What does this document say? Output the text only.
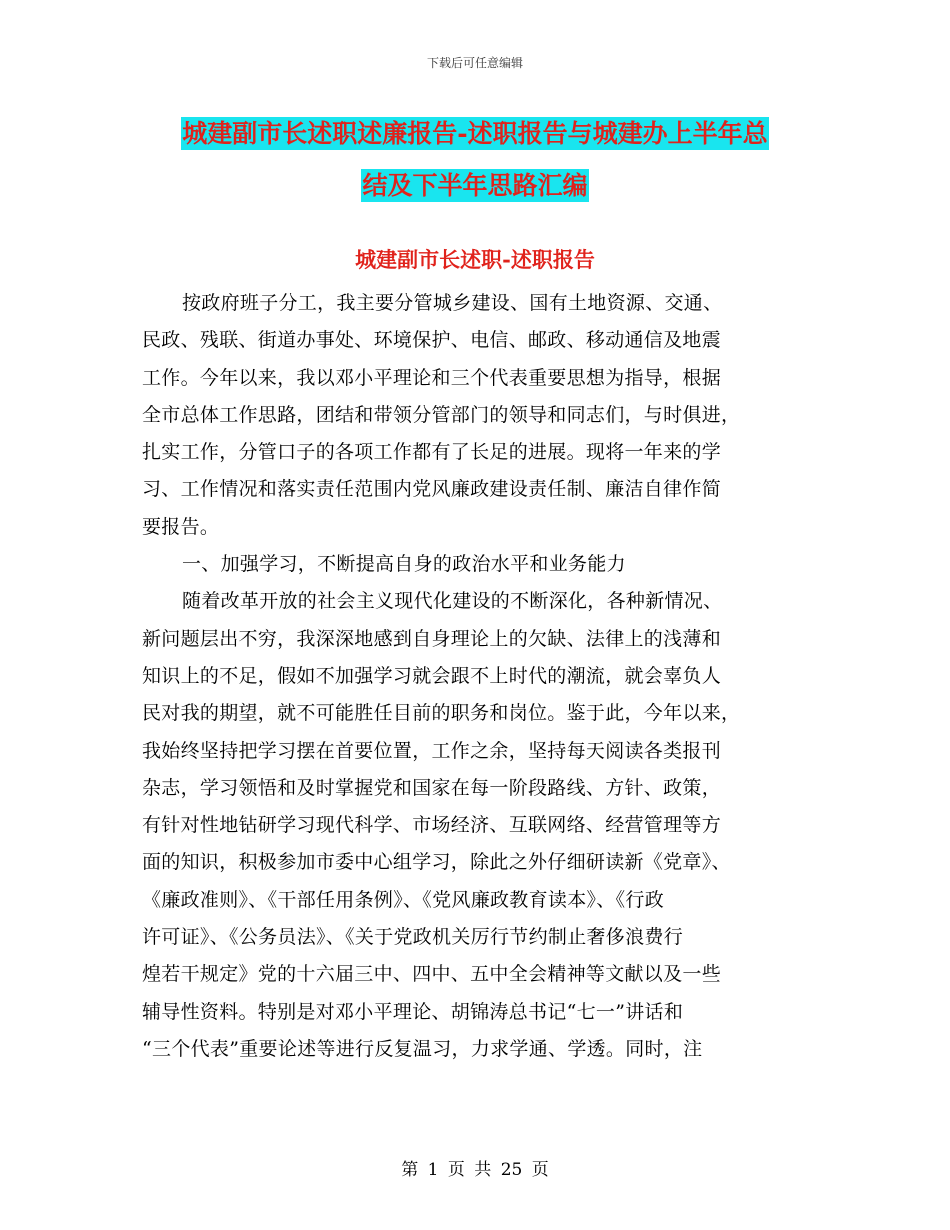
下载后可任意编辑
城建副市长述职述廉报告-述职报告与城建办上半年总
结及下半年思路汇编
城建副市长述职-述职报告
按政府班子分工，我主要分管城乡建设、国有土地资源、交通、
民政、残联、街道办事处、环境保护、电信、邮政、移动通信及地震
工作。今年以来，我以邓小平理论和三个代表重要思想为指导，根据
全市总体工作思路，团结和带领分管部门的领导和同志们，与时俱进，
扎实工作，分管口子的各项工作都有了长足的进展。现将一年来的学
习、工作情况和落实责任范围内党风廉政建设责任制、廉洁自律作简
要报告。
一、加强学习，不断提高自身的政治水平和业务能力
随着改革开放的社会主义现代化建设的不断深化，各种新情况、
新问题层出不穷，我深深地感到自身理论上的欠缺、法律上的浅薄和
知识上的不足，假如不加强学习就会跟不上时代的潮流，就会辜负人
民对我的期望，就不可能胜任目前的职务和岗位。鉴于此，今年以来，
我始终坚持把学习摆在首要位置，工作之余，坚持每天阅读各类报刊
杂志，学习领悟和及时掌握党和国家在每一阶段路线、方针、政策，
有针对性地钻研学习现代科学、市场经济、互联网络、经营管理等方
面的知识，积极参加市委中心组学习，除此之外仔细研读新《党章》、
《廉政准则》、《干部任用条例》、《党风廉政教育读本》、《行政
许可证》、《公务员法》、《关于党政机关厉行节约制止奢侈浪费行
煌若干规定》党的十六届三中、四中、五中全会精神等文献以及一些
辅导性资料。特别是对邓小平理论、胡锦涛总书记“七一”讲话和
“三个代表”重要论述等进行反复温习，力求学通、学透。同时，注
第 1 页 共 25 页
